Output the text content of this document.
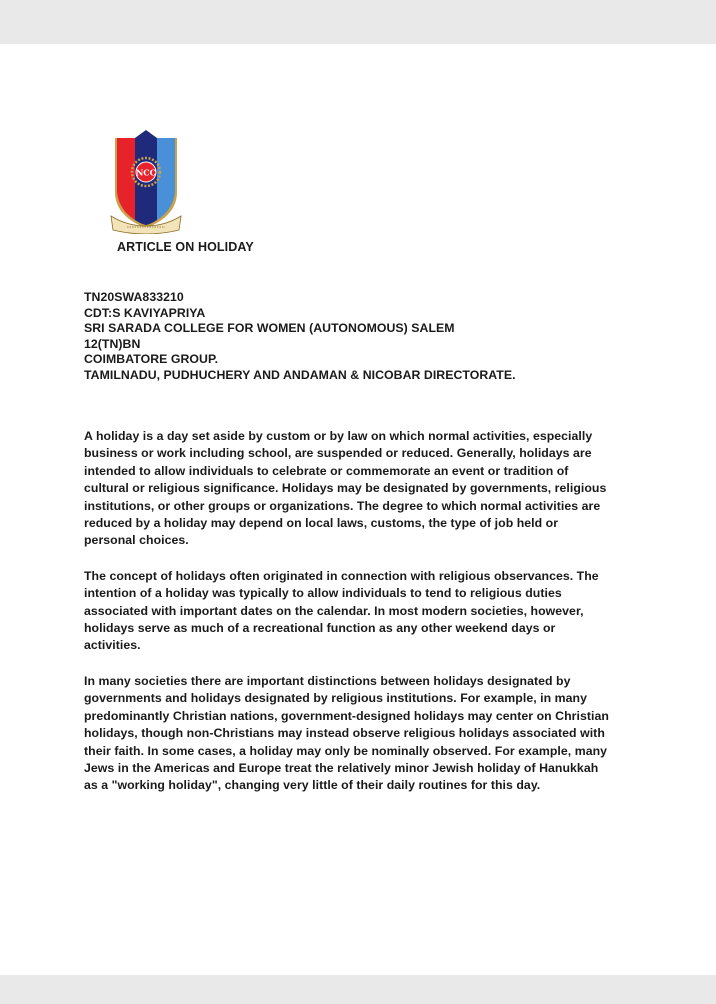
NCC
ARTICLE ON HOLIDAY
TN20SWA833210
CDT:S KAVIYAPRIYA
SRI SARADA COLLEGE FOR WOMEN (AUTONOMOUS) SALEM
12(TN)BN
COIMBATORE GROUP.
TAMILNADU, PUDHUCHERY AND ANDAMAN & NICOBAR DIRECTORATE.

A holiday is a day set aside by custom or by law on which normal activities, especially
business or work including school, are suspended or reduced. Generally, holidays are
intended to allow individuals to celebrate or commemorate an event or tradition of
cultural or religious significance. Holidays may be designated by governments, religious
institutions, or other groups or organizations. The degree to which normal activities are
reduced by a holiday may depend on local laws, customs, the type of job held or
personal choices.

The concept of holidays often originated in connection with religious observances. The
intention of a holiday was typically to allow individuals to tend to religious duties
associated with important dates on the calendar. In most modern societies, however,
holidays serve as much of a recreational function as any other weekend days or
activities.

In many societies there are important distinctions between holidays designated by
governments and holidays designated by religious institutions. For example, in many
predominantly Christian nations, government-designed holidays may center on Christian
holidays, though non-Christians may instead observe religious holidays associated with
their faith. In some cases, a holiday may only be nominally observed. For example, many
Jews in the Americas and Europe treat the relatively minor Jewish holiday of Hanukkah
as a "working holiday", changing very little of their daily routines for this day.
